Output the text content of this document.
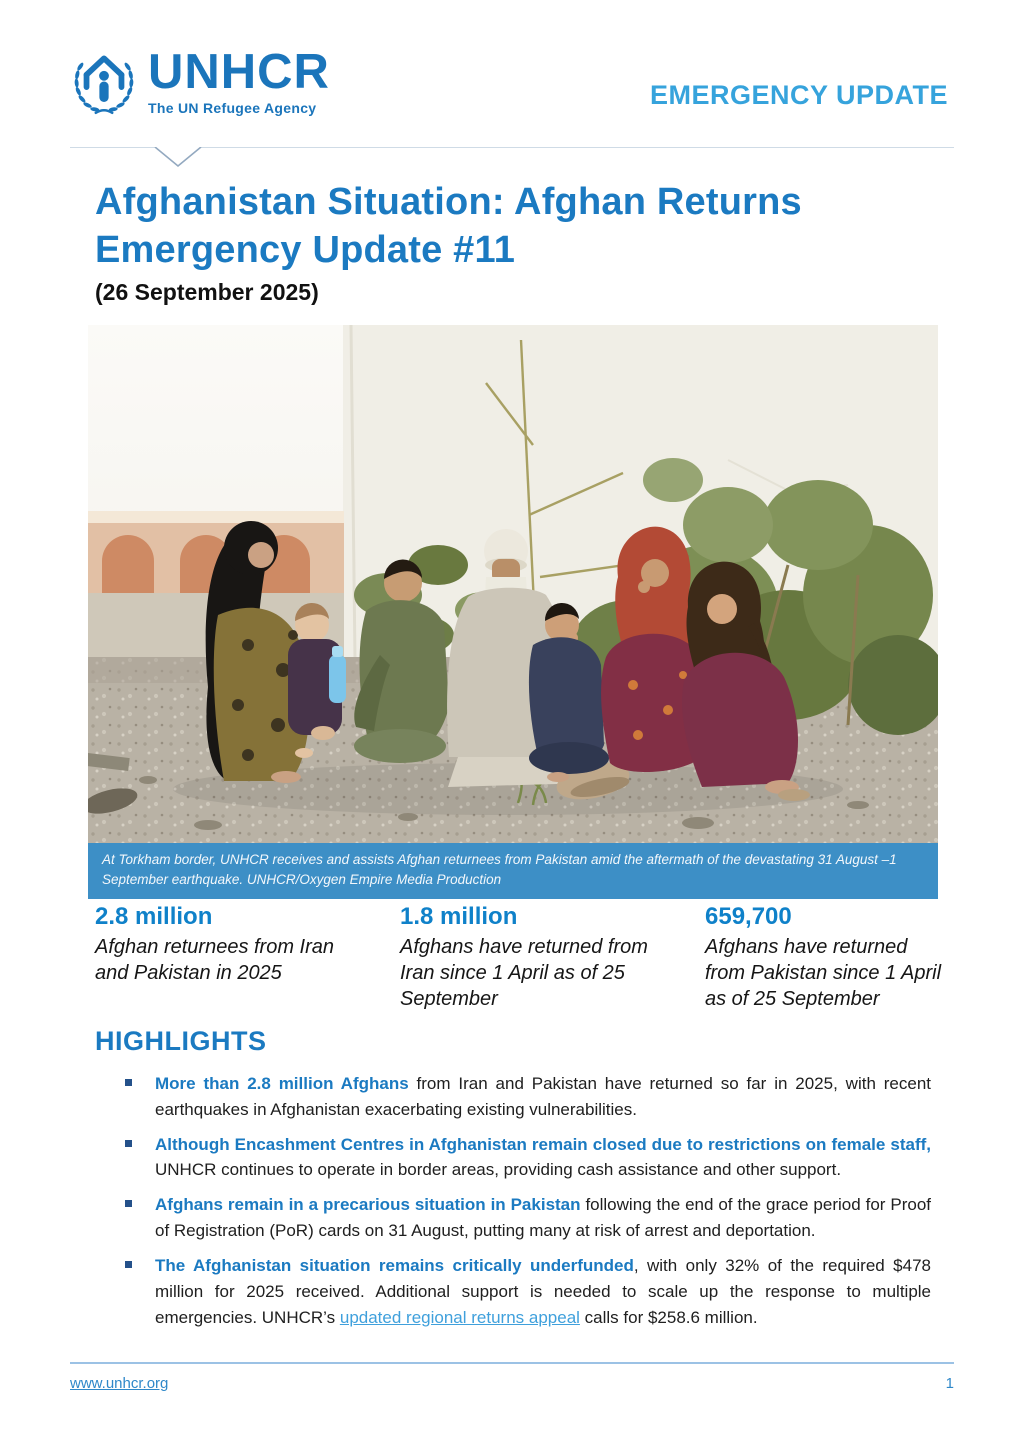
UNHCR
The UN Refugee Agency	EMERGENCY UPDATE
Afghanistan Situation: Afghan Returns
Emergency Update #11
(26 September 2025)
At Torkham border, UNHCR receives and assists Afghan returnees from Pakistan amid the aftermath of the devastating 31 August –1 September earthquake. UNHCR/Oxygen Empire Media Production
2.8 million
Afghan returnees from Iran and Pakistan in 2025
1.8 million
Afghans have returned from Iran since 1 April as of 25 September
659,700
Afghans have returned from Pakistan since 1 April as of 25 September
HIGHLIGHTS

More than 2.8 million Afghans from Iran and Pakistan have returned so far in 2025, with recent earthquakes in Afghanistan exacerbating existing vulnerabilities.

Although Encashment Centres in Afghanistan remain closed due to restrictions on female staff, UNHCR continues to operate in border areas, providing cash assistance and other support.

Afghans remain in a precarious situation in Pakistan following the end of the grace period for Proof of Registration (PoR) cards on 31 August, putting many at risk of arrest and deportation.

The Afghanistan situation remains critically underfunded, with only 32% of the required $478 million for 2025 received. Additional support is needed to scale up the response to multiple emergencies. UNHCR’s updated regional returns appeal calls for $258.6 million.

www.unhcr.org	1
